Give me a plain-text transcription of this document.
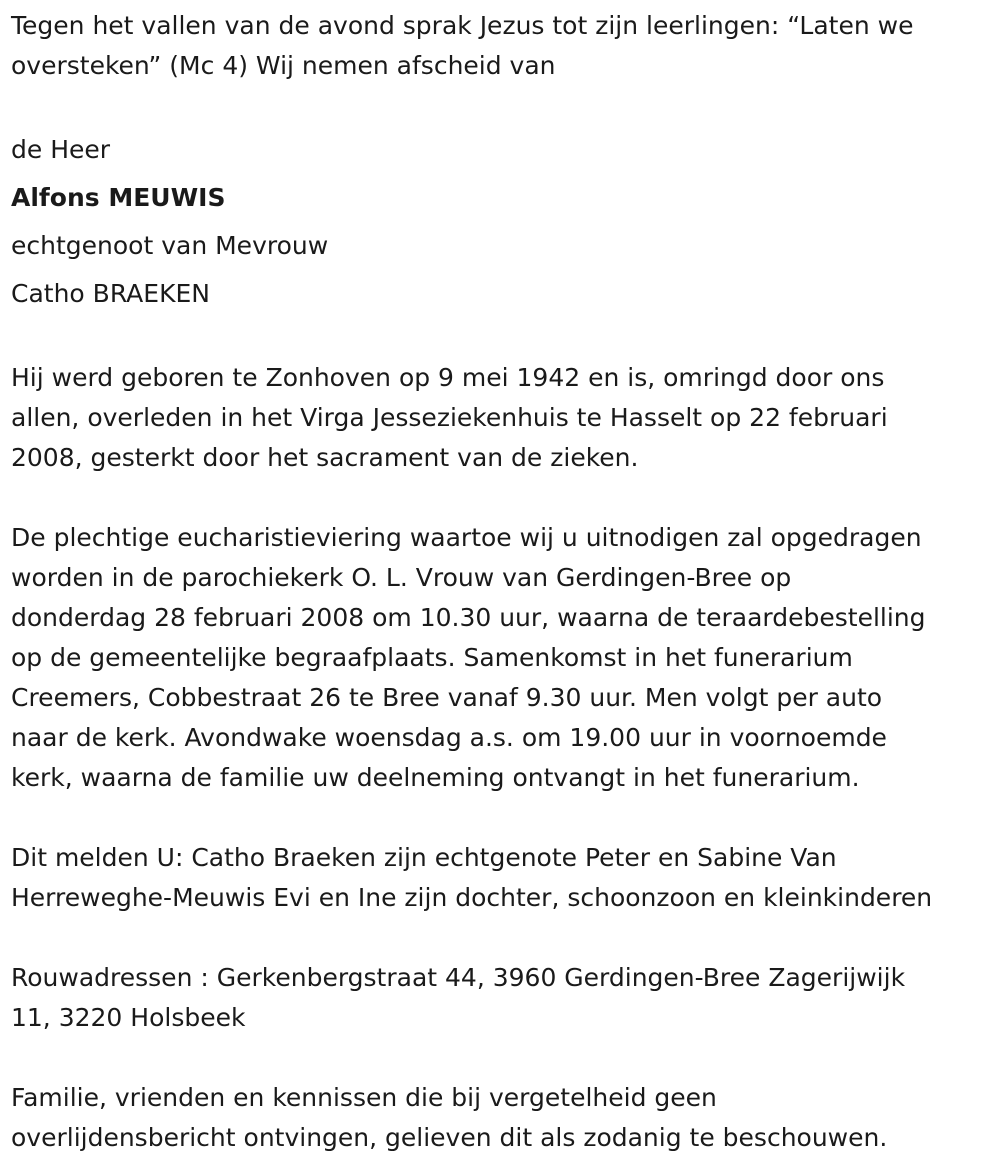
Tegen het vallen van de avond sprak Jezus tot zijn leerlingen: “Laten we

oversteken” (Mc 4) Wij nemen afscheid van

de Heer
Alfons MEUWIS
echtgenoot van Mevrouw
Catho BRAEKEN

Hij werd geboren te Zonhoven op 9 mei 1942 en is, omringd door ons

allen, overleden in het Virga Jesseziekenhuis te Hasselt op 22 februari

2008, gesterkt door het sacrament van de zieken.

De plechtige eucharistieviering waartoe wij u uitnodigen zal opgedragen

worden in de parochiekerk O. L. Vrouw van Gerdingen-Bree op

donderdag 28 februari 2008 om 10.30 uur, waarna de teraardebestelling

op de gemeentelijke begraafplaats. Samenkomst in het funerarium

Creemers, Cobbestraat 26 te Bree vanaf 9.30 uur. Men volgt per auto

naar de kerk. Avondwake woensdag a.s. om 19.00 uur in voornoemde

kerk, waarna de familie uw deelneming ontvangt in het funerarium.

Dit melden U: Catho Braeken zijn echtgenote Peter en Sabine Van

Herreweghe-Meuwis Evi en Ine zijn dochter, schoonzoon en kleinkinderen

Rouwadressen : Gerkenbergstraat 44, 3960 Gerdingen-Bree Zagerijwijk

11, 3220 Holsbeek

Familie, vrienden en kennissen die bij vergetelheid geen

overlijdensbericht ontvingen, gelieven dit als zodanig te beschouwen.
